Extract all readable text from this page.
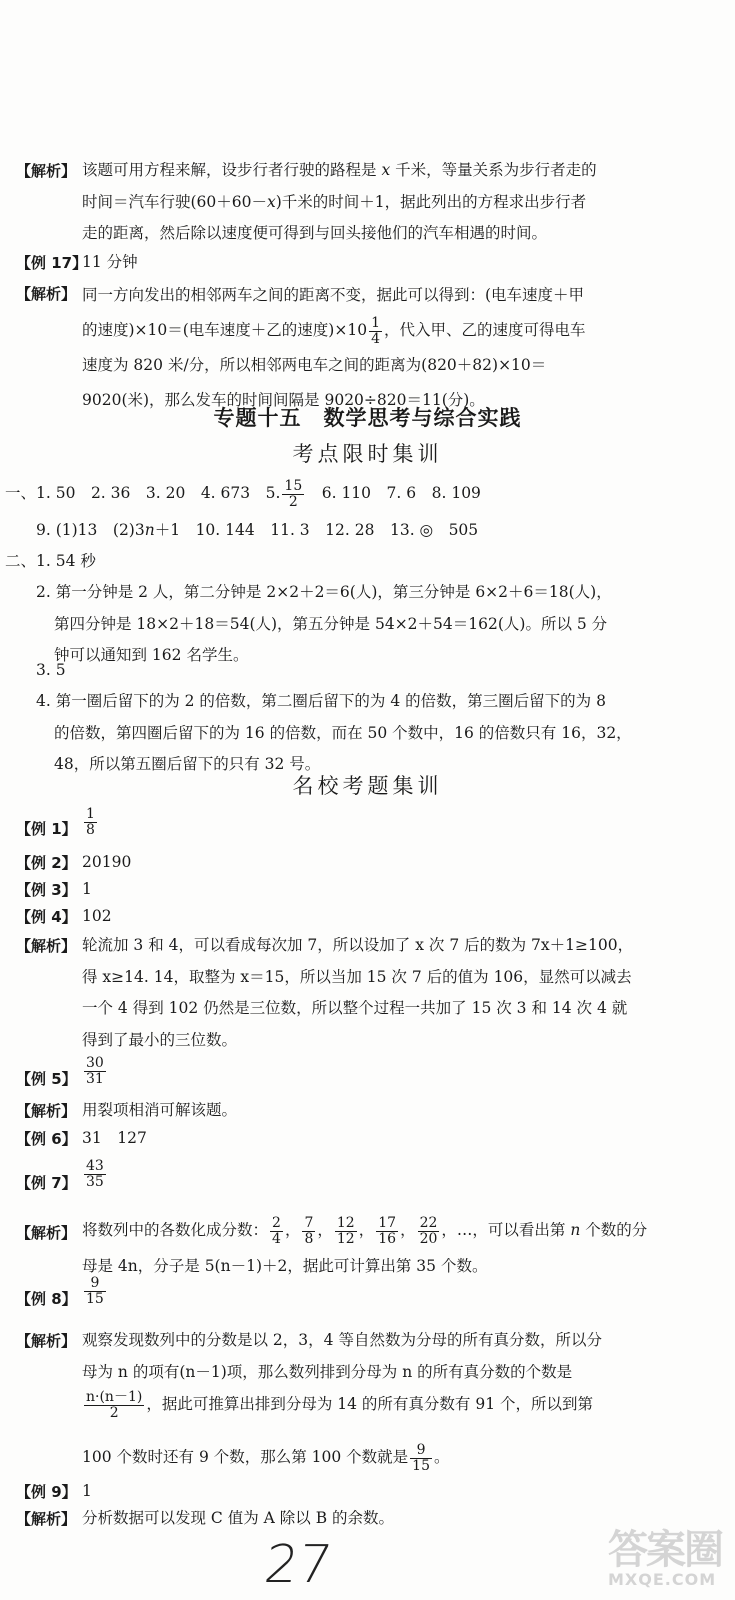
【解析】 该题可用方程来解，设步行者行驶的路程是 x 千米，等量关系为步行者走的
时间＝汽车行驶(60＋60－x)千米的时间＋1，据此列出的方程求出步行者
走的距离，然后除以速度便可得到与回头接他们的汽车相遇的时间。
【例 17】
11 分钟
【解析】 同一方向发出的相邻两车之间的距离不变，据此可以得到：(电车速度＋甲
的速度)×10＝(电车速度＋乙的速度)$\times 10 \frac{1}{4}$ ，代入甲、乙的速度可得电车
速度为 820 米/分，所以相邻两电车之间的距离为(820＋82)×10＝
9020(米)，那么发车的时间间隔是 9020÷820＝11(分)。
专题十五　数学思考与综合实践
考点限时集训
一、1. 50　2. 36　3. 20　4. 673　5. $\frac{15}{2}$ 　6. 110　7. 6　8. 109
9. (1)13　(2)3n＋1　10. 144　11. 3　12. 28　13. ◎　505
二、1. 54 秒
2. 第一分钟是 2 人，第二分钟是 2×2＋2＝6(人)，第三分钟是 6×2＋6＝18(人)，
第四分钟是 18×2＋18＝54(人)，第五分钟是 54×2＋54＝162(人)。所以 5 分
钟可以通知到 162 名学生。
3. 5
4. 第一圈后留下的为 2 的倍数，第二圈后留下的为 4 的倍数，第三圈后留下的为 8
的倍数，第四圈后留下的为 16 的倍数，而在 50 个数中，16 的倍数只有 16，32，
48，所以第五圈后留下的只有 32 号。
名校考题集训
【例 1】 $\frac{1}{8}$
【例 2】 20190
【例 3】 1
【例 4】 102
【解析】 轮流加 3 和 4，可以看成每次加 7，所以设加了 x 次 7 后的数为 7x＋1≥100，
得 x≥14. 14，取整为 x＝15，所以当加 15 次 7 后的值为 106，显然可以减去
一个 4 得到 102 仍然是三位数，所以整个过程一共加了 15 次 3 和 14 次 4 就
得到了最小的三位数。
【例 5】 $\frac{30}{31}$
【解析】 用裂项相消可解该题。
【例 6】 31　127
【例 7】 $\frac{43}{35}$
【解析】 将数列中的各数化成分数： $\frac{2}{4}$ ， $\frac{7}{8}$ ， $\frac{12}{12}$ ， $\frac{17}{16}$ ， $\frac{22}{20}$ ，…，可以看出第 n 个数的分
母是 4n，分子是 5(n－1)＋2，据此可计算出第 35 个数。
【例 8】 $\frac{9}{15}$
【解析】 观察发现数列中的分数是以 2，3，4 等自然数为分母的所有真分数，所以分
母为 n 的项有(n－1)项，那么数列排到分母为 n 的所有真分数的个数是
$\frac{n\cdot(n-1)}{2}$ ，据此可推算出排到分母为 14 的所有真分数有 91 个，所以到第
100 个数时还有 9 个数，那么第 100 个数就是 $\frac{9}{15}$ 。
【例 9】 1
【解析】 分析数据可以发现 C 值为 A 除以 B 的余数。
27	答案圈
MXQE.COM
